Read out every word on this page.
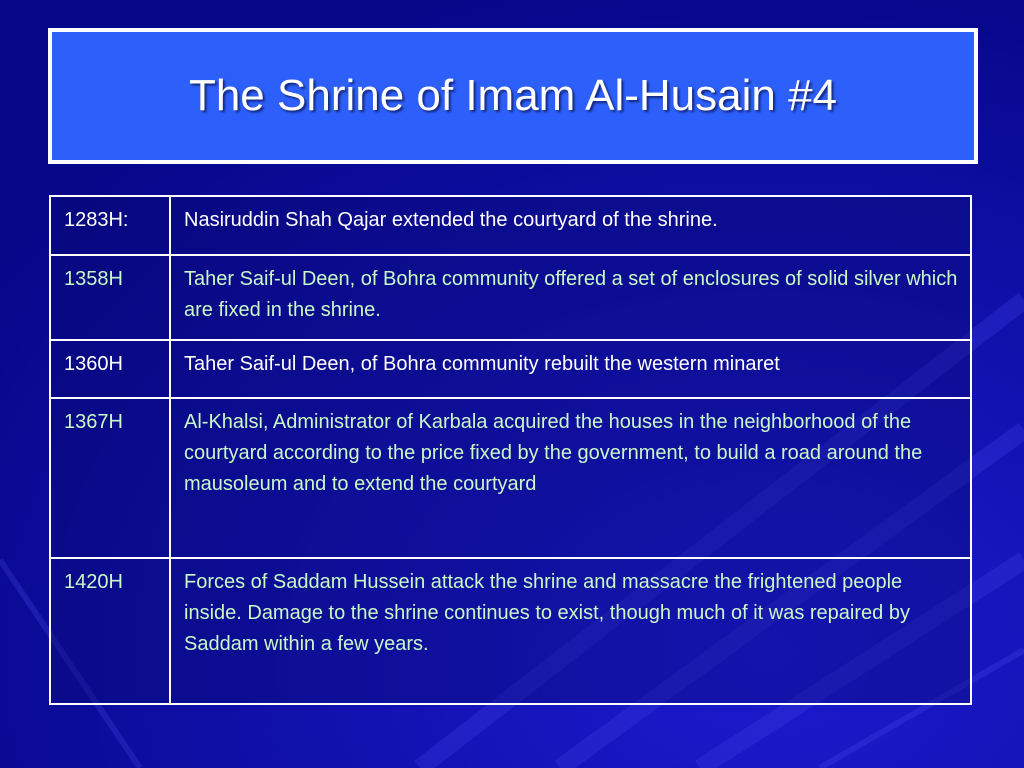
The Shrine of Imam Al-Husain #4
1283H:	Nasiruddin Shah Qajar extended the courtyard of the shrine.
1358H	Taher Saif-ul Deen, of Bohra community offered a set of enclosures of solid silver which are fixed in the shrine.
1360H	Taher Saif-ul Deen, of Bohra community rebuilt the western minaret
1367H	Al-Khalsi, Administrator of Karbala acquired the houses in the neighborhood of the courtyard according to the price fixed by the government, to build a road around the mausoleum and to extend the courtyard
1420H	Forces of Saddam Hussein attack the shrine and massacre the frightened people inside. Damage to the shrine continues to exist, though much of it was repaired by Saddam within a few years.
